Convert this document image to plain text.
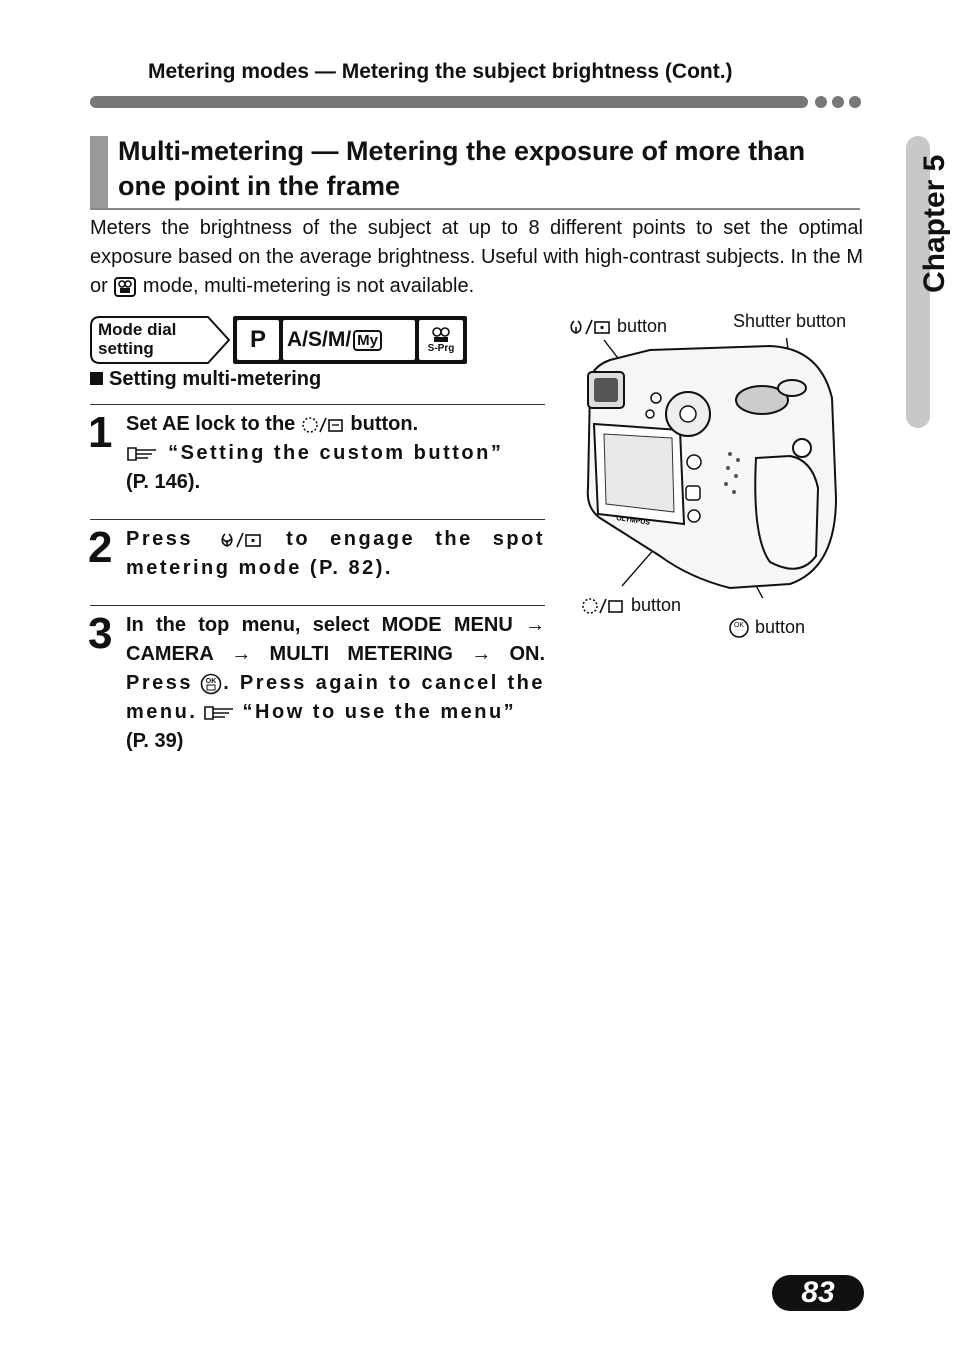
Metering modes — Metering the subject brightness (Cont.)
Chapter 5
Multi-metering — Metering the exposure of more than one point in the frame
Meters the brightness of the subject at up to 8 different points to set the optimal exposure based on the average brightness. Useful with high-contrast subjects. In the M or mode, multi-metering is not available.
Mode dial
setting	P	A/S/M/ My	S-Prg
Setting multi-metering
1 Set AE lock to the	button.
“Setting the custom button”
(P. 146).
2 Press	to engage the spot metering mode (P. 82).
3 In the top menu, select MODE MENU → CAMERA → MULTI METERING → ON. Press OK . Press again to cancel the menu. “How to use the menu”
(P. 39)
button	Shutter button
button
OK button
OLYMPUS
83
